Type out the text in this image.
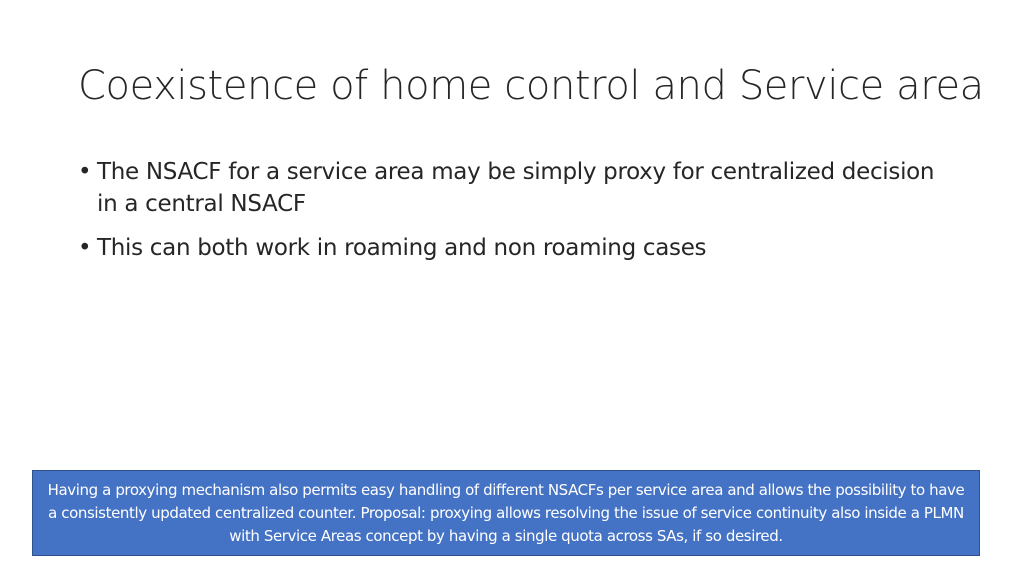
Coexistence of home control and Service area
• The NSACF for a service area may be simply proxy for centralized decision in a central NSACF
• This can both work in roaming and non roaming cases
Having a proxying mechanism also permits easy handling of different NSACFs per service area and allows the possibility to have a consistently updated centralized counter. Proposal: proxying allows resolving the issue of service continuity also inside a PLMN with Service Areas concept by having a single quota across SAs, if so desired.
